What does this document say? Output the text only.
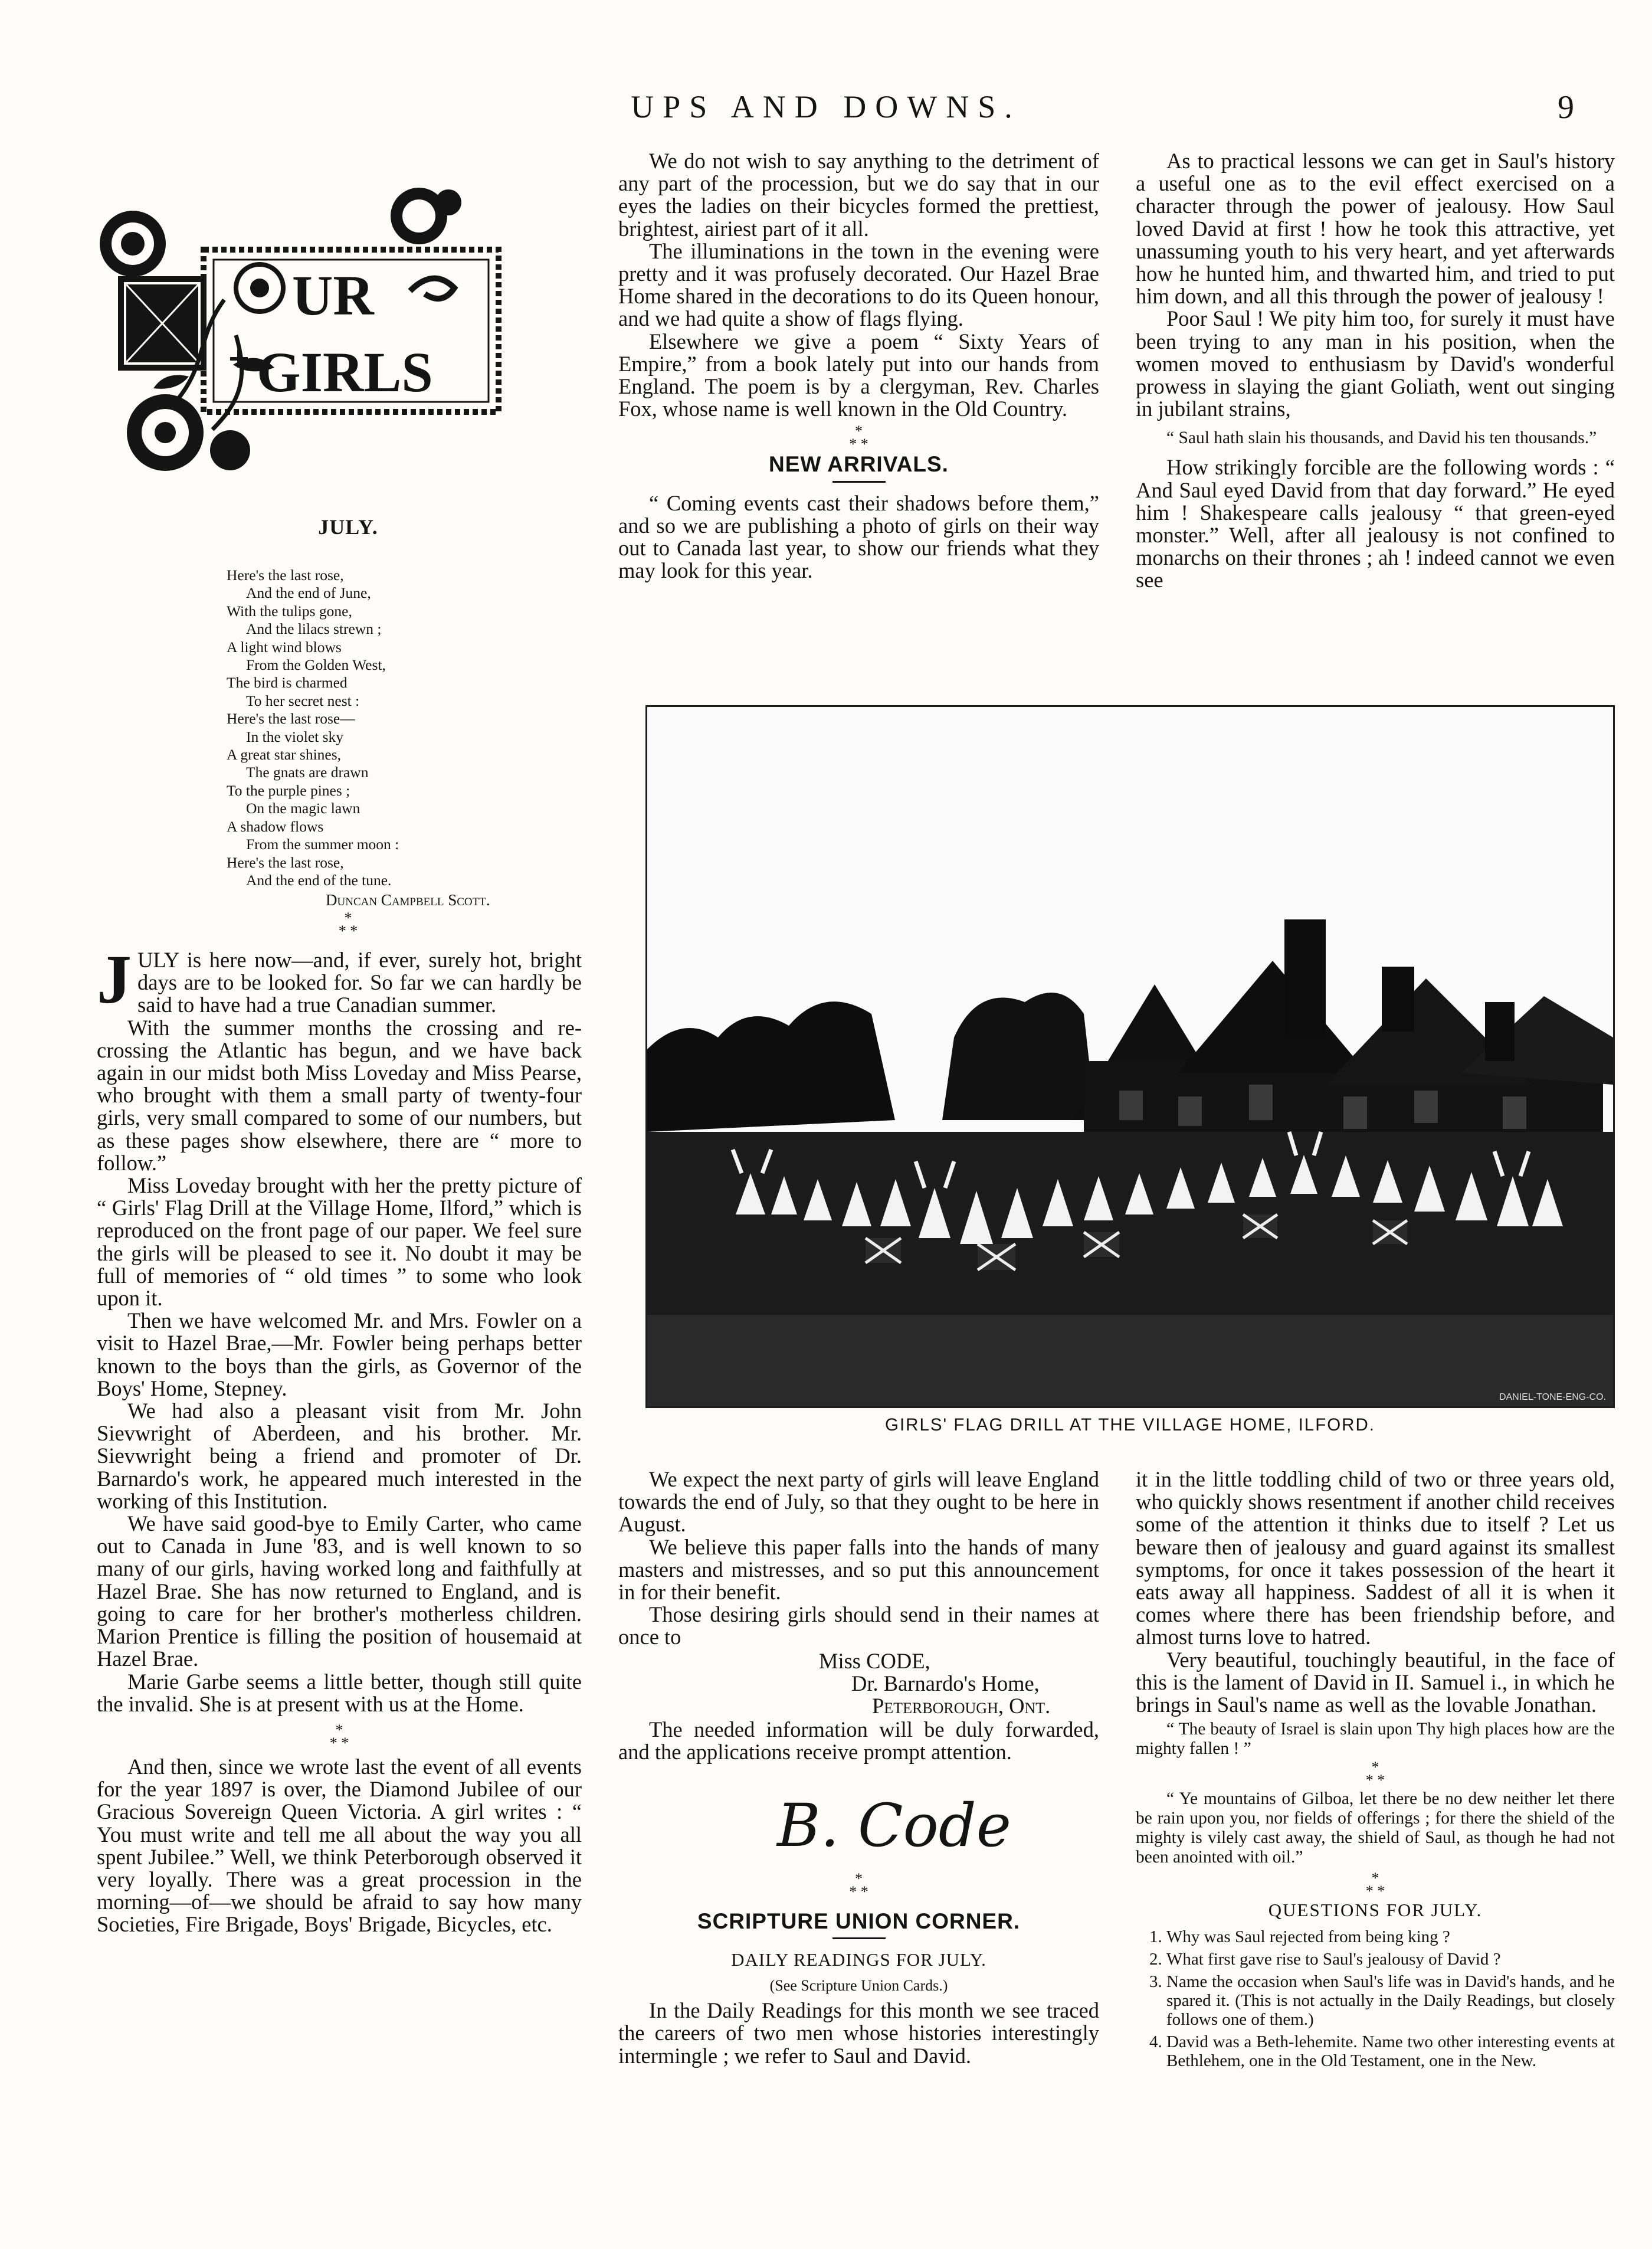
UPS AND DOWNS.	9
UR
GIRLS
JULY.
Here's the last rose,
And the end of June,
With the tulips gone,
And the lilacs strewn ;
A light wind blows
From the Golden West,
The bird is charmed
To her secret nest :
Here's the last rose—
In the violet sky
A great star shines,
The gnats are drawn
To the purple pines ;
On the magic lawn
A shadow flows
From the summer moon :
Here's the last rose,
And the end of the tune.
Duncan Campbell Scott.
*
* *

JULY is here now—and, if ever, surely hot, bright days are to be looked for. So far we can hardly be said to have had a true Canadian summer.

With the summer months the crossing and re-crossing the Atlantic has begun, and we have back again in our midst both Miss Loveday and Miss Pearse, who brought with them a small party of twenty-four girls, very small compared to some of our numbers, but as these pages show elsewhere, there are “ more to follow.”

Miss Loveday brought with her the pretty picture of “ Girls' Flag Drill at the Village Home, Ilford,” which is reproduced on the front page of our paper. We feel sure the girls will be pleased to see it. No doubt it may be full of memories of “ old times ” to some who look upon it.

Then we have welcomed Mr. and Mrs. Fowler on a visit to Hazel Brae,—Mr. Fowler being perhaps better known to the boys than the girls, as Governor of the Boys' Home, Stepney.

We had also a pleasant visit from Mr. John Sievwright of Aberdeen, and his brother. Mr. Sievwright being a friend and promoter of Dr. Barnardo's work, he appeared much interested in the working of this Institution.

We have said good-bye to Emily Carter, who came out to Canada in June '83, and is well known to so many of our girls, having worked long and faithfully at Hazel Brae. She has now returned to England, and is going to care for her brother's motherless children. Marion Prentice is filling the position of housemaid at Hazel Brae.

Marie Garbe seems a little better, though still quite the invalid. She is at present with us at the Home.

*
* *

And then, since we wrote last the event of all events for the year 1897 is over, the Diamond Jubilee of our Gracious Sovereign Queen Victoria. A girl writes : “ You must write and tell me all about the way you all spent Jubilee.” Well, we think Peterborough observed it very loyally. There was a great procession in the morning—of—we should be afraid to say how many Societies, Fire Brigade, Boys' Brigade, Bicycles, etc.

We do not wish to say anything to the detriment of any part of the procession, but we do say that in our eyes the ladies on their bicycles formed the prettiest, brightest, airiest part of it all.

The illuminations in the town in the evening were pretty and it was profusely decorated. Our Hazel Brae Home shared in the decorations to do its Queen honour, and we had quite a show of flags flying.

Elsewhere we give a poem “ Sixty Years of Empire,” from a book lately put into our hands from England. The poem is by a clergyman, Rev. Charles Fox, whose name is well known in the Old Country.

*
* *
NEW ARRIVALS.

“ Coming events cast their shadows before them,” and so we are publishing a photo of girls on their way out to Canada last year, to show our friends what they may look for this year.

As to practical lessons we can get in Saul's history a useful one as to the evil effect exercised on a character through the power of jealousy. How Saul loved David at first ! how he took this attractive, yet unassuming youth to his very heart, and yet afterwards how he hunted him, and thwarted him, and tried to put him down, and all this through the power of jealousy !

Poor Saul ! We pity him too, for surely it must have been trying to any man in his position, when the women moved to enthusiasm by David's wonderful prowess in slaying the giant Goliath, went out singing in jubilant strains,

“ Saul hath slain his thousands, and David his ten thousands.”

How strikingly forcible are the following words : “ And Saul eyed David from that day forward.” He eyed him ! Shakespeare calls jealousy “ that green-eyed monster.” Well, after all jealousy is not confined to monarchs on their thrones ; ah ! indeed cannot we even see

DANIEL-TONE-ENG-CO.
GIRLS' FLAG DRILL AT THE VILLAGE HOME, ILFORD.

We expect the next party of girls will leave England towards the end of July, so that they ought to be here in August.

We believe this paper falls into the hands of many masters and mistresses, and so put this announcement in for their benefit.

Those desiring girls should send in their names at once to

Miss CODE,
Dr. Barnardo's Home,
Peterborough, Ont.

The needed information will be duly forwarded, and the applications receive prompt attention.

B. Code
*
* *
SCRIPTURE UNION CORNER.
DAILY READINGS FOR JULY.
(See Scripture Union Cards.)

In the Daily Readings for this month we see traced the careers of two men whose histories interestingly intermingle ; we refer to Saul and David.

it in the little toddling child of two or three years old, who quickly shows resentment if another child receives some of the attention it thinks due to itself ? Let us beware then of jealousy and guard against its smallest symptoms, for once it takes possession of the heart it eats away all happiness. Saddest of all it is when it comes where there has been friendship before, and almost turns love to hatred.

Very beautiful, touchingly beautiful, in the face of this is the lament of David in II. Samuel i., in which he brings in Saul's name as well as the lovable Jonathan.

“ The beauty of Israel is slain upon Thy high places how are the mighty fallen ! ”

*
* *

“ Ye mountains of Gilboa, let there be no dew neither let there be rain upon you, nor fields of offerings ; for there the shield of the mighty is vilely cast away, the shield of Saul, as though he had not been anointed with oil.”

*
* *
QUESTIONS FOR JULY.
1. Why was Saul rejected from being king ?
2. What first gave rise to Saul's jealousy of David ?
3. Name the occasion when Saul's life was in David's hands, and he spared it. (This is not actually in the Daily Readings, but closely follows one of them.)
4. David was a Beth-lehemite. Name two other interesting events at Bethlehem, one in the Old Testament, one in the New.
